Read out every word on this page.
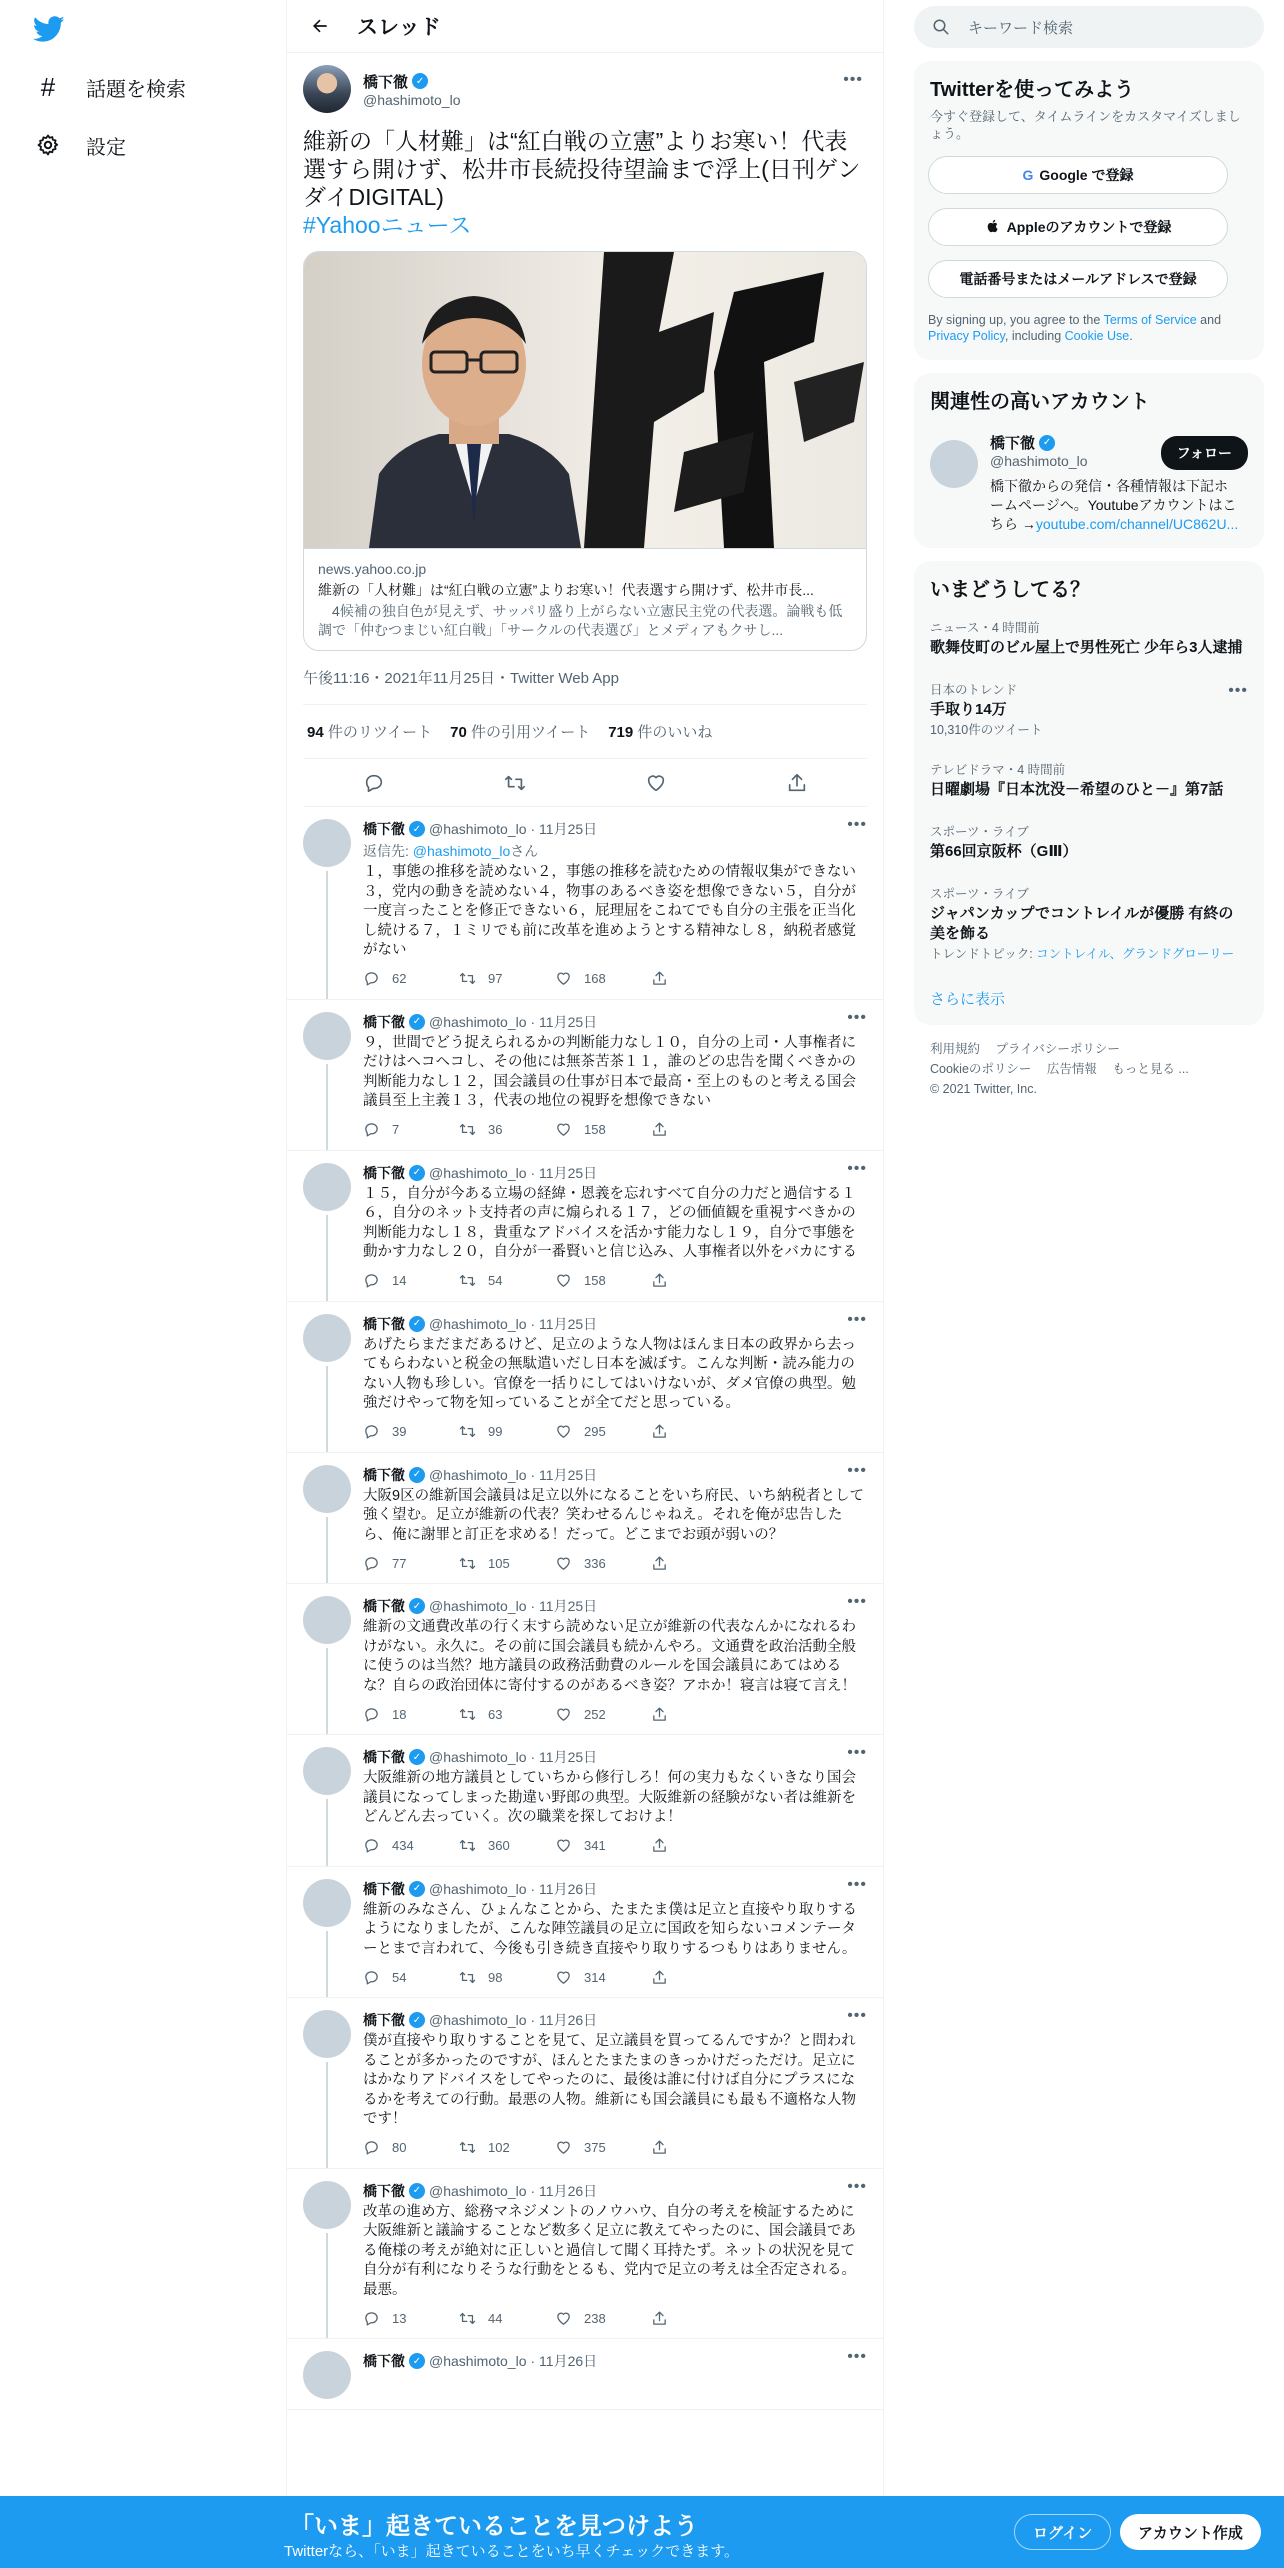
# 話題を検索
設定
スレッド
橋下徹 ✓
@hashimoto_lo
•••
維新の「人材難」は“紅白戦の立憲”よりお寒い！代表選すら開けず、松井市長続投待望論まで浮上(日刊ゲンダイDIGITAL)
#Yahooニュース
news.yahoo.co.jp
維新の「人材難」は“紅白戦の立憲”よりお寒い！代表選すら開けず、松井市長...
　4候補の独自色が見えず、サッパリ盛り上がらない立憲民主党の代表選。論戦も低調で「仲むつまじい紅白戦」「サークルの代表選び」とメディアもクサし...
午後11:16・2021年11月25日・Twitter Web App
94 件のリツイート 70 件の引用ツイート 719 件のいいね
橋下徹 ✓ @hashimoto_lo · 11月25日	•••
返信先: @hashimoto_loさん
１，事態の推移を読めない２，事態の推移を読むための情報収集ができない３，党内の動きを読めない４，物事のあるべき姿を想像できない５，自分が一度言ったことを修正できない６，屁理屈をこねてでも自分の主張を正当化し続ける７，１ミリでも前に改革を進めようとする精神なし８，納税者感覚がない
62	97	168
橋下徹 ✓ @hashimoto_lo · 11月25日	•••
９，世間でどう捉えられるかの判断能力なし１０，自分の上司・人事権者にだけはヘコヘコし、その他には無茶苦茶１１，誰のどの忠告を聞くべきかの判断能力なし１２，国会議員の仕事が日本で最高・至上のものと考える国会議員至上主義１３，代表の地位の視野を想像できない
7	36	158
橋下徹 ✓ @hashimoto_lo · 11月25日	•••
１５，自分が今ある立場の経緯・恩義を忘れすべて自分の力だと過信する１６，自分のネット支持者の声に煽られる１７，どの価値観を重視すべきかの判断能力なし１８，貴重なアドバイスを活かす能力なし１９，自分で事態を動かす力なし２０，自分が一番賢いと信じ込み、人事権者以外をバカにする
14	54	158
橋下徹 ✓ @hashimoto_lo · 11月25日	•••
あげたらまだまだあるけど、足立のような人物はほんま日本の政界から去ってもらわないと税金の無駄遣いだし日本を滅ぼす。こんな判断・読み能力のない人物も珍しい。官僚を一括りにしてはいけないが、ダメ官僚の典型。勉強だけやって物を知っていることが全てだと思っている。
39	99	295
橋下徹 ✓ @hashimoto_lo · 11月25日	•••
大阪9区の維新国会議員は足立以外になることをいち府民、いち納税者として強く望む。足立が維新の代表？笑わせるんじゃねえ。それを俺が忠告したら、俺に謝罪と訂正を求める！だって。どこまでお頭が弱いの？
77	105	336
橋下徹 ✓ @hashimoto_lo · 11月25日	•••
維新の文通費改革の行く末すら読めない足立が維新の代表なんかになれるわけがない。永久に。その前に国会議員も続かんやろ。文通費を政治活動全般に使うのは当然？地方議員の政務活動費のルールを国会議員にあてはめるな？自らの政治団体に寄付するのがあるべき姿？アホか！寝言は寝て言え！
18	63	252
橋下徹 ✓ @hashimoto_lo · 11月25日	•••
大阪維新の地方議員としていちから修行しろ！何の実力もなくいきなり国会議員になってしまった勘違い野郎の典型。大阪維新の経験がない者は維新をどんどん去っていく。次の職業を探しておけよ！
434	360	341
橋下徹 ✓ @hashimoto_lo · 11月26日	•••
維新のみなさん、ひょんなことから、たまたま僕は足立と直接やり取りするようになりましたが、こんな陣笠議員の足立に国政を知らないコメンテーターとまで言われて、今後も引き続き直接やり取りするつもりはありません。
54	98	314
橋下徹 ✓ @hashimoto_lo · 11月26日	•••
僕が直接やり取りすることを見て、足立議員を買ってるんですか？と問われることが多かったのですが、ほんとたまたまのきっかけだっただけ。足立にはかなりアドバイスをしてやったのに、最後は誰に付けば自分にプラスになるかを考えての行動。最悪の人物。維新にも国会議員にも最も不適格な人物です！
80	102	375
橋下徹 ✓ @hashimoto_lo · 11月26日	•••
改革の進め方、総務マネジメントのノウハウ、自分の考えを検証するために大阪維新と議論することなど数多く足立に教えてやったのに、国会議員である俺様の考えが絶対に正しいと過信して聞く耳持たず。ネットの状況を見て自分が有利になりそうな行動をとるも、党内で足立の考えは全否定される。最悪。
13	44	238
橋下徹 ✓ @hashimoto_lo · 11月26日	•••
キーワード検索
Twitterを使ってみよう
今すぐ登録して、タイムラインをカスタマイズしましょう。
G Google で登録
Appleのアカウントで登録
電話番号またはメールアドレスで登録
By signing up, you agree to the Terms of Service and Privacy Policy, including Cookie Use.
関連性の高いアカウント
橋下徹 ✓
@hashimoto_lo
橋下徹からの発信・各種情報は下記ホームページへ。Youtubeアカウントはこちら →youtube.com/channel/UC862U...
フォロー
いまどうしてる？
ニュース・4 時間前
歌舞伎町のビル屋上で男性死亡 少年ら3人逮捕
日本のトレンド
手取り14万
10,310件のツイート
•••
テレビドラマ・4 時間前
日曜劇場『日本沈没－希望のひと－』第7話
スポーツ・ライブ
第66回京阪杯（GⅢ）
スポーツ・ライブ
ジャパンカップでコントレイルが優勝 有終の美を飾る
トレンドトピック: コントレイル、グランドグローリー
さらに表示
利用規約 プライバシーポリシー
Cookieのポリシー 広告情報 もっと見る ...
© 2021 Twitter, Inc.
「いま」起きていることを見つけよう
Twitterなら、「いま」起きていることをいち早くチェックできます。
ログイン	アカウント作成
